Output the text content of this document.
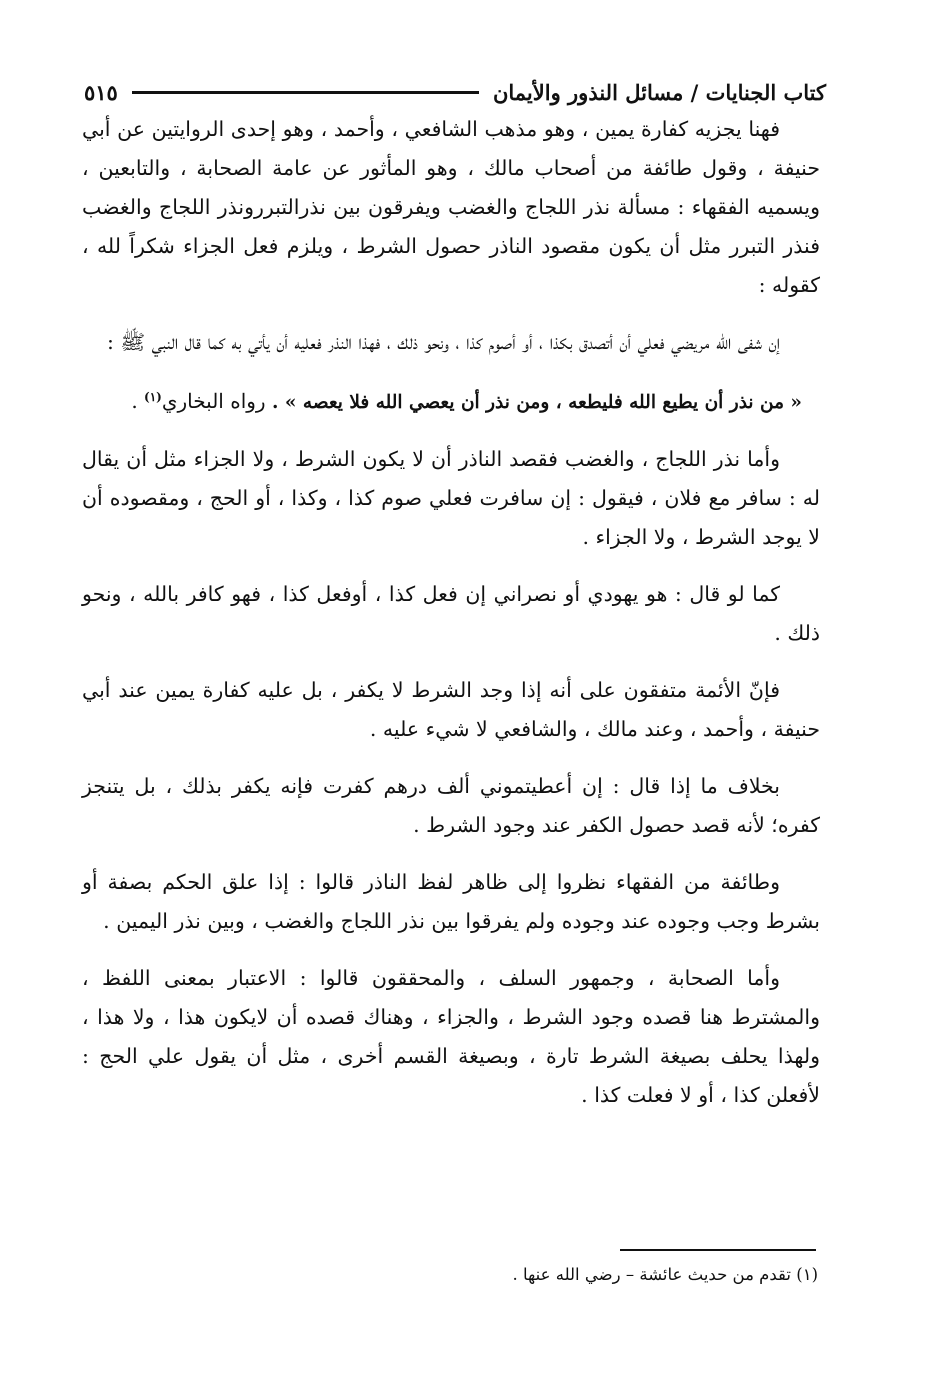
كتاب الجنايات / مسائل النذور والأيمان
٥١٥

فهنا يجزيه كفارة يمين ، وهو مذهب الشافعي ، وأحمد ، وهو إحدى الروايتين عن أبي حنيفة ، وقول طائفة من أصحاب مالك ، وهو المأثور عن عامة الصحابة ، والتابعين ، ويسميه الفقهاء : مسألة نذر اللجاج والغضب ويفرقون بين نذرالتبررونذر اللجاج والغضب فنذر التبرر مثل أن يكون مقصود الناذر حصول الشرط ، ويلزم فعل الجزاء شكراً لله ، كقوله :

إن شفى الله مريضي فعلي أن أتصدق بكذا ، أو أصوم كذا ، ونحو ذلك ، فهذا النذر فعليه أن يأتي به كما قال النبي ﷺ :

« من نذر أن يطيع الله فليطعه ، ومن نذر أن يعصي الله فلا يعصه » . رواه البخاري$^{(١)}$ .

وأما نذر اللجاج ، والغضب فقصد الناذر أن لا يكون الشرط ، ولا الجزاء مثل أن يقال له : سافر مع فلان ، فيقول : إن سافرت فعلي صوم كذا ، وكذا ، أو الحج ، ومقصوده أن لا يوجد الشرط ، ولا الجزاء .

كما لو قال : هو يهودي أو نصراني إن فعل كذا ، أوفعل كذا ، فهو كافر بالله ، ونحو ذلك .

فإنّ الأئمة متفقون على أنه إذا وجد الشرط لا يكفر ، بل عليه كفارة يمين عند أبي حنيفة ، وأحمد ، وعند مالك ، والشافعي لا شيء عليه .

بخلاف ما إذا قال : إن أعطيتموني ألف درهم كفرت فإنه يكفر بذلك ، بل يتنجز كفره؛ لأنه قصد حصول الكفر عند وجود الشرط .

وطائفة من الفقهاء نظروا إلى ظاهر لفظ الناذر قالوا : إذا علق الحكم بصفة أو بشرط وجب وجوده عند وجوده ولم يفرقوا بين نذر اللجاج والغضب ، وبين نذر اليمين .

وأما الصحابة ، وجمهور السلف ، والمحققون قالوا : الاعتبار بمعنى اللفظ ، والمشترط هنا قصده وجود الشرط ، والجزاء ، وهناك قصده أن لايكون هذا ، ولا هذا ، ولهذا يحلف بصيغة الشرط تارة ، وبصيغة القسم أخرى ، مثل أن يقول علي الحج : لأفعلن كذا ، أو لا فعلت كذا .

(١) تقدم من حديث عائشة – رضي الله عنها .
